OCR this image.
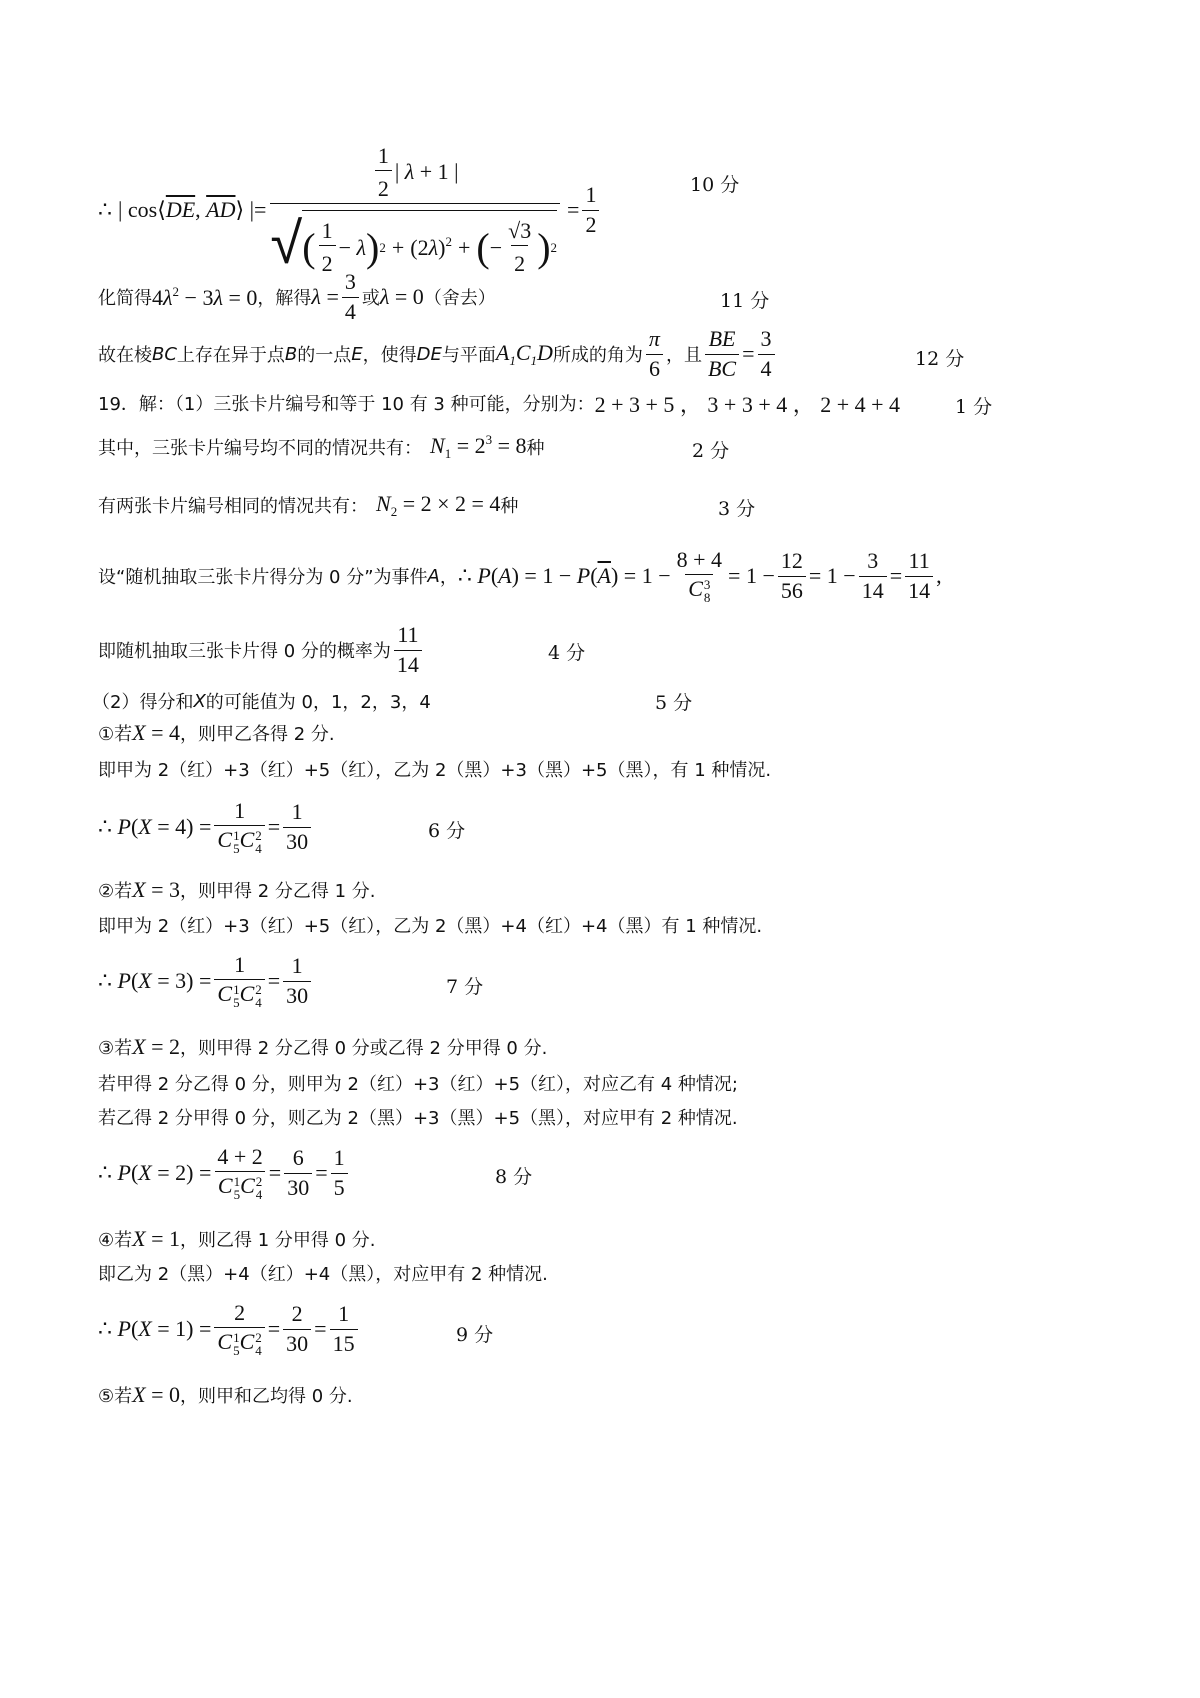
∴ | $\cos⟨\overline{DE}$, $\overline{AD}⟩$ |=
$\frac{1}{2}$ | λ + 1 |
√ ( $\frac{1}{2} - \lambda$ ) $2 + (2\lambda)^2$ + ( − $\frac{√3}{2}$ ) 2
= $\frac{1}{2}$	10 分
化简得 $4\lambda^2 - 3\lambda = 0$ ，解得 $\lambda = \frac{3}{4}$ 或 λ = 0 （舍去）	11 分
故在棱 BC 上存在异于点 B 的一点 E ，使得 DE 与平面 $A_1C_1D$ 所成的角为 $\frac{\pi}{6}$ ，且 $\frac{BE}{BC} = \frac{3}{4}$	12 分
19．解：（1）三张卡片编号和等于 10 有 3 种可能，分别为： 2 + 3 + 5 ， 3 + 3 + 4 ， 2 + 4 + 4	1 分
其中，三张卡片编号均不同的情况共有： $N_1 = 2^3 = 8$ 种	2 分
有两张卡片编号相同的情况共有： $N_2 = 2 \times 2 = 4$ 种	3 分
设“随机抽取三张卡片得分为 0 分”为事件 A ， ∴ $P(A) = 1 - P(\overline{A}) = 1 - 8 + 4$
C 3
$8 = 1 - \frac{12}{56} = 1 - \frac{3}{14} = \frac{11}{14}$ ,
即随机抽取三张卡片得 0 分的概率为 $\frac{11}{14}$	4 分
（2）得分和 X 的可能值为 0，1，2，3，4	5 分
①若 X = 4 ，则甲乙各得 2 分.
即甲为 2（红）+3（红）+5（红），乙为 2（黑）+3（黑）+5（黑），有 1 种情况.
∴ P(X = 4) = 1
C 1
5 C 2
$4 = \frac{1}{30}$	6 分
②若 X = 3 ，则甲得 2 分乙得 1 分.
即甲为 2（红）+3（红）+5（红），乙为 2（黑）+4（红）+4（黑）有 1 种情况.
∴ P(X = 3) = 1
C 1
5 C 2
$4 = \frac{1}{30}$	7 分
③若 X = 2 ，则甲得 2 分乙得 0 分或乙得 2 分甲得 0 分.
若甲得 2 分乙得 0 分，则甲为 2（红）+3（红）+5（红），对应乙有 4 种情况;
若乙得 2 分甲得 0 分，则乙为 2（黑）+3（黑）+5（黑），对应甲有 2 种情况.
∴ P(X = 2) = 4 + 2
C 1
5 C 2
$4 = \frac{6}{30} = \frac{1}{5}$	8 分
④若 X = 1 ，则乙得 1 分甲得 0 分.
即乙为 2（黑）+4（红）+4（黑），对应甲有 2 种情况.
∴ P(X = 1) = 2
C 1
5 C 2
$4 = \frac{2}{30} = \frac{1}{15}$	9 分
⑤若 X = 0 ，则甲和乙均得 0 分.
